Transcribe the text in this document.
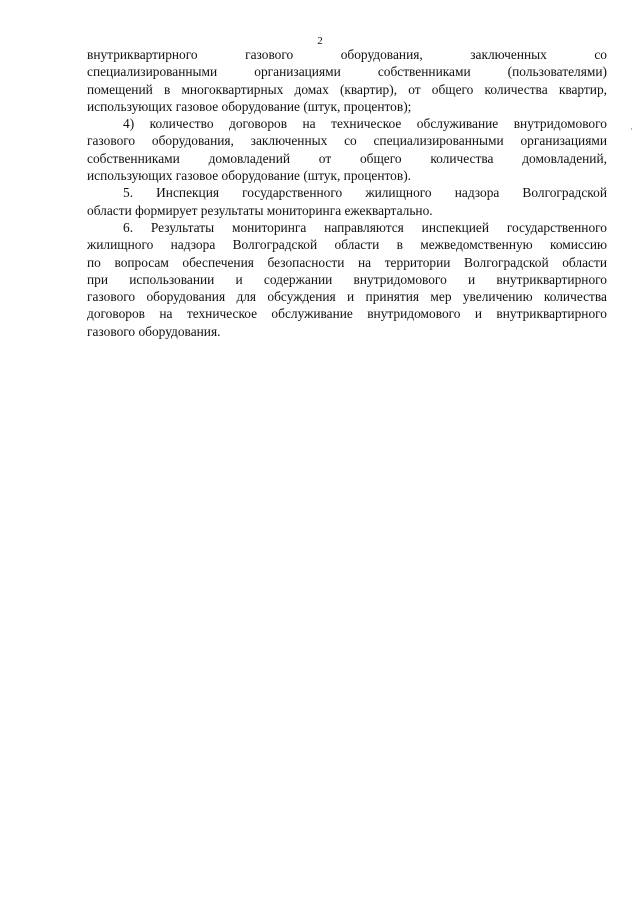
2

внутриквартирного газового оборудования, заключенных со
специализированными организациями собственниками (пользователями)
помещений в многоквартирных домах (квартир), от общего количества квартир,
использующих газовое оборудование (штук, процентов);

4) количество договоров на техническое обслуживание внутридомового
газового оборудования, заключенных со специализированными организациями
собственниками домовладений от общего количества домовладений,
использующих газовое оборудование (штук, процентов).

5. Инспекция государственного жилищного надзора Волгоградской
области формирует результаты мониторинга ежеквартально.

6. Результаты мониторинга направляются инспекцией государственного
жилищного надзора Волгоградской области в межведомственную комиссию
по вопросам обеспечения безопасности на территории Волгоградской области
при использовании и содержании внутридомового и внутриквартирного
газового оборудования для обсуждения и принятия мер увеличению количества
договоров на техническое обслуживание внутридомового и внутриквартирного
газового оборудования.

·
